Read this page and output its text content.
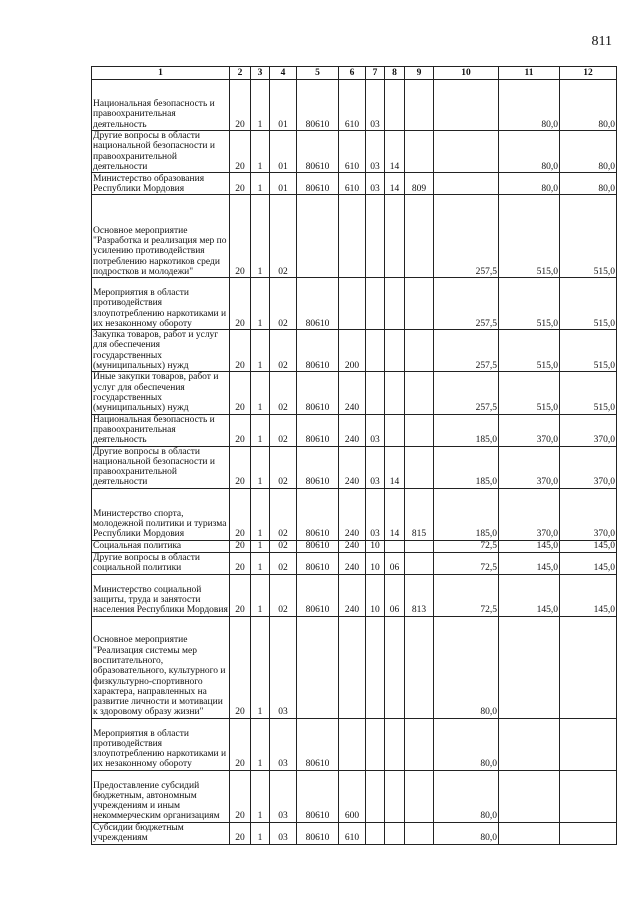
811
1	2	3	4	5	6	7	8	9	10	11	12
Национальная безопасность и правоохранительная деятельность	20	1	01	80610	610	03				80,0	80,0
Другие вопросы в области национальной безопасности и правоохранительной деятельности	20	1	01	80610	610	03	14			80,0	80,0
Министерство образования Республики Мордовия	20	1	01	80610	610	03	14	809		80,0	80,0
Основное мероприятие "Разработка и реализация мер по усилению противодействия потреблению наркотиков среди подростков и молодежи"	20	1	02						257,5	515,0	515,0
Мероприятия в области противодействия злоупотреблению наркотиками и их незаконному обороту	20	1	02	80610					257,5	515,0	515,0
Закупка товаров, работ и услуг для обеспечения государственных (муниципальных) нужд	20	1	02	80610	200				257,5	515,0	515,0
Иные закупки товаров, работ и услуг для обеспечения государственных (муниципальных) нужд	20	1	02	80610	240				257,5	515,0	515,0
Национальная безопасность и правоохранительная деятельность	20	1	02	80610	240	03			185,0	370,0	370,0
Другие вопросы в области национальной безопасности и правоохранительной деятельности	20	1	02	80610	240	03	14		185,0	370,0	370,0
Министерство спорта, молодежной политики и туризма Республики Мордовия	20	1	02	80610	240	03	14	815	185,0	370,0	370,0
Социальная политика	20	1	02	80610	240	10			72,5	145,0	145,0
Другие вопросы в области социальной политики	20	1	02	80610	240	10	06		72,5	145,0	145,0
Министерство социальной защиты, труда и занятости населения Республики Мордовия	20	1	02	80610	240	10	06	813	72,5	145,0	145,0
Основное мероприятие "Реализация системы мер воспитательного, образовательного, культурного и физкультурно-спортивного характера, направленных на развитие личности и мотивации к здоровому образу жизни"	20	1	03						80,0		
Мероприятия в области противодействия злоупотреблению наркотиками и их незаконному обороту	20	1	03	80610					80,0		
Предоставление субсидий бюджетным, автономным учреждениям и иным некоммерческим организациям	20	1	03	80610	600				80,0		
Субсидии бюджетным учреждениям	20	1	03	80610	610				80,0		
